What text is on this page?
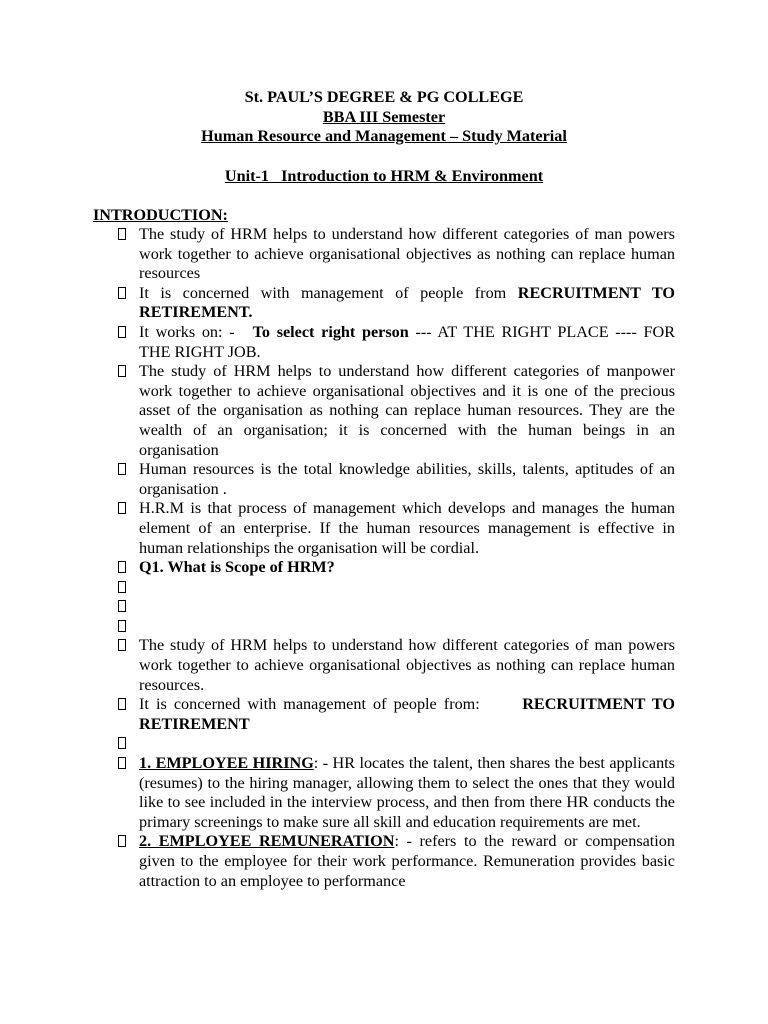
St. PAUL’S DEGREE & PG COLLEGE
BBA III Semester
Human Resource and Management – Study Material
Unit-1   Introduction to HRM & Environment
INTRODUCTION:
The study of HRM helps to understand how different categories of man powers work together to achieve organisational objectives as nothing can replace human resources
It is concerned with management of people from RECRUITMENT TO RETIREMENT.
It works on: - To select right person --- AT THE RIGHT PLACE ---- FOR THE RIGHT JOB.
The study of HRM helps to understand how different categories of manpower work together to achieve organisational objectives and it is one of the precious asset of the organisation as nothing can replace human resources. They are the wealth of an organisation; it is concerned with the human beings in an organisation
Human resources is the total knowledge abilities, skills, talents, aptitudes of an organisation .
H.R.M is that process of management which develops and manages the human element of an enterprise. If the human resources management is effective in human relationships the organisation will be cordial.
Q1. What is Scope of HRM?
The study of HRM helps to understand how different categories of man powers work together to achieve organisational objectives as nothing can replace human resources.
It is concerned with management of people from:	RECRUITMENT TO RETIREMENT
1. EMPLOYEE HIRING: - HR locates the talent, then shares the best applicants (resumes) to the hiring manager, allowing them to select the ones that they would like to see included in the interview process, and then from there HR conducts the primary screenings to make sure all skill and education requirements are met.
2. EMPLOYEE REMUNERATION: - refers to the reward or compensation given to the employee for their work performance. Remuneration provides basic attraction to an employee to performance
